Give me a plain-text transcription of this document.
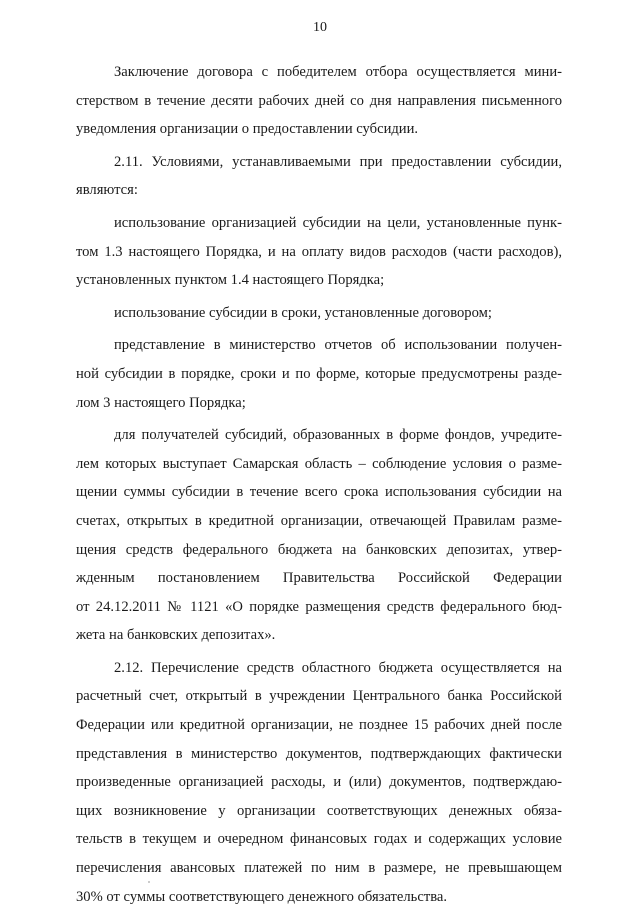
10
Заключение договора с победителем отбора осуществляется мини-
стерством в течение десяти рабочих дней со дня направления письменного
уведомления организации о предоставлении субсидии.
2.11. Условиями, устанавливаемыми при предоставлении субсидии,
являются:
использование организацией субсидии на цели, установленные пунк-
том 1.3 настоящего Порядка, и на оплату видов расходов (части расходов),
установленных пунктом 1.4 настоящего Порядка;
использование субсидии в сроки, установленные договором;
представление в министерство отчетов об использовании получен-
ной субсидии в порядке, сроки и по форме, которые предусмотрены разде-
лом 3 настоящего Порядка;
для получателей субсидий, образованных в форме фондов, учредите-
лем которых выступает Самарская область – соблюдение условия о разме-
щении суммы субсидии в течение всего срока использования субсидии на
счетах, открытых в кредитной организации, отвечающей Правилам разме-
щения средств федерального бюджета на банковских депозитах, утвер-
жденным постановлением Правительства Российской Федерации
от 24.12.2011 № 1121 «О порядке размещения средств федерального бюд-
жета на банковских депозитах».
2.12. Перечисление средств областного бюджета осуществляется на
расчетный счет, открытый в учреждении Центрального банка Российской
Федерации или кредитной организации, не позднее 15 рабочих дней после
представления в министерство документов, подтверждающих фактически
произведенные организацией расходы, и (или) документов, подтверждаю-
щих возникновение у организации соответствующих денежных обяза-
тельств в текущем и очередном финансовых годах и содержащих условие
перечисления авансовых платежей по ним в размере, не превышающем
30% от суммы соответствующего денежного обязательства.
